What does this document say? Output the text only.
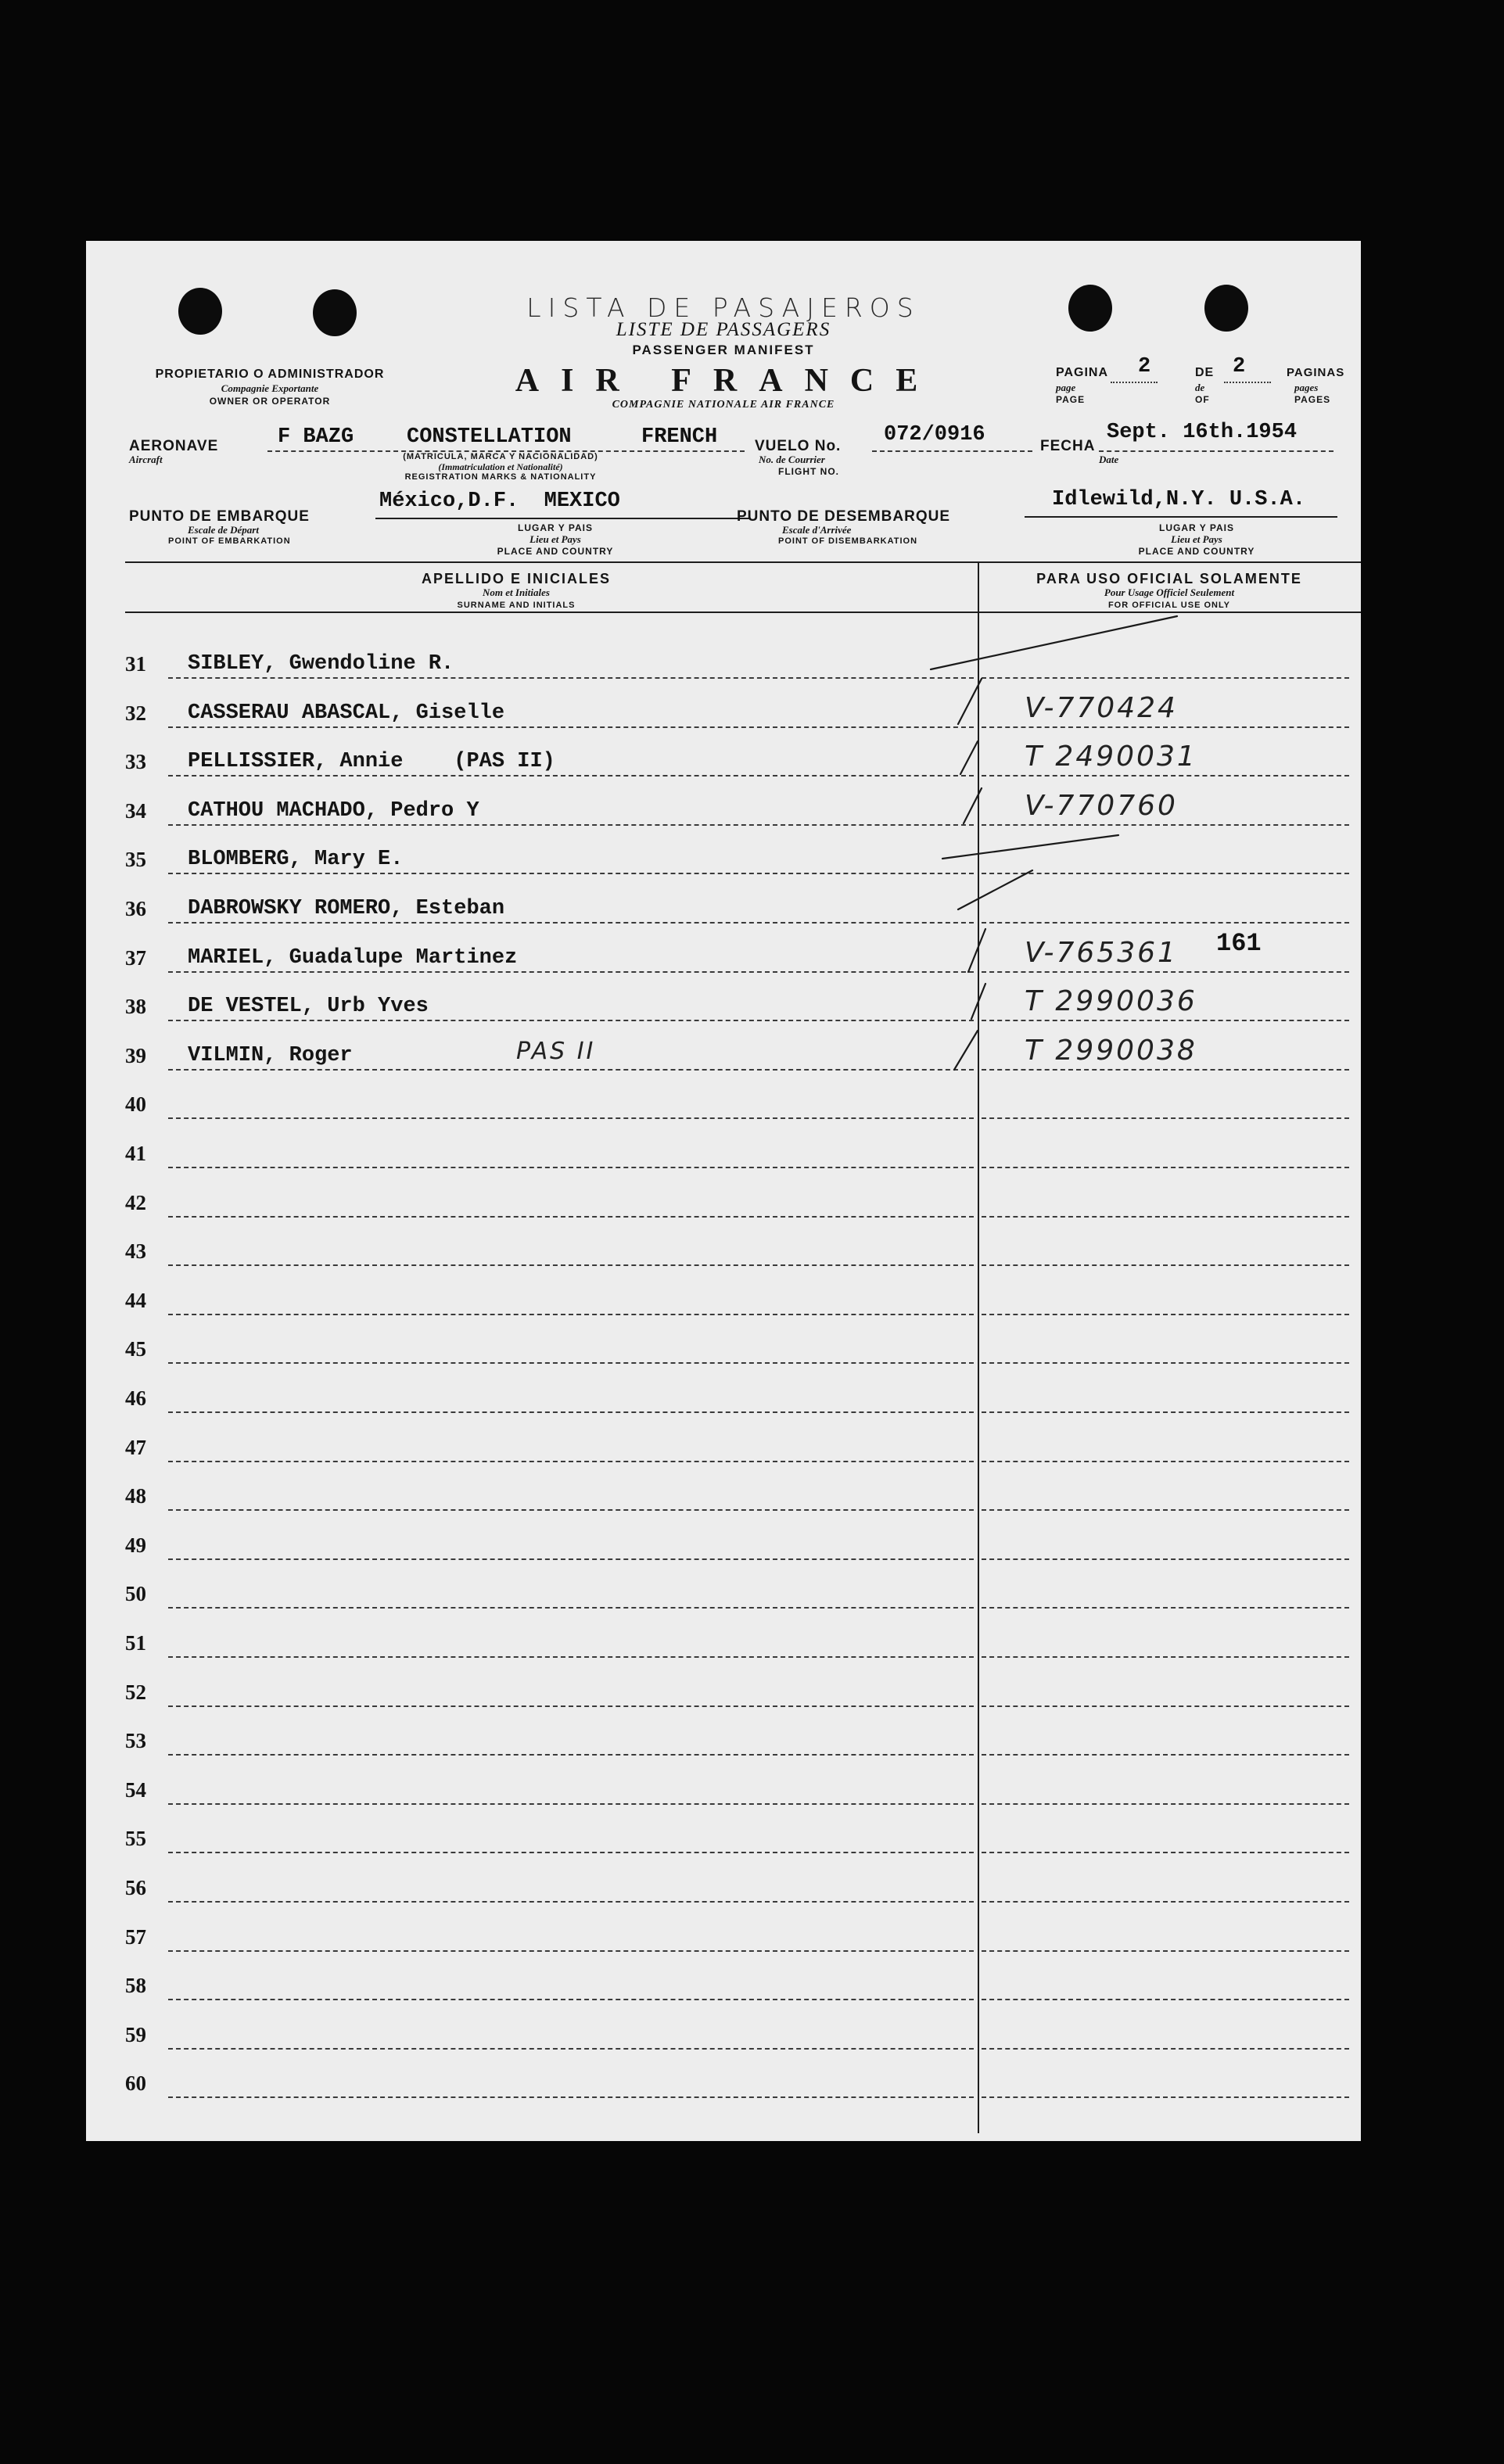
LISTA DE PASAJEROS
LISTE DE PASSAGERS
PASSENGER MANIFEST
AIR FRANCE
COMPAGNIE NATIONALE AIR FRANCE
PROPIETARIO O ADMINISTRADOR
Compagnie Exportante
OWNER OR OPERATOR
PAGINA
page
PAGE
2	DE
de
OF
2	PAGINAS
pages
PAGES
AERONAVE
Aircraft
F BAZG	CONSTELLATION	FRENCH
(MATRICULA, MARCA Y NACIONALIDAD)
(Immatriculation et Nationalité)
REGISTRATION MARKS & NATIONALITY
VUELO No.
No. de Courrier
FLIGHT NO.
072/0916	FECHA
Date
Sept. 16th.1954
PUNTO DE EMBARQUE
Escale de Départ
POINT OF EMBARKATION
México,D.F.  MEXICO
LUGAR Y PAIS
Lieu et Pays
PLACE AND COUNTRY
PUNTO DE DESEMBARQUE
Escale d'Arrivée
POINT OF DISEMBARKATION
Idlewild,N.Y. U.S.A.
LUGAR Y PAIS
Lieu et Pays
PLACE AND COUNTRY
APELLIDO E INICIALES
Nom et Initiales
SURNAME AND INITIALS
PARA USO OFICIAL SOLAMENTE
Pour Usage Officiel Seulement
FOR OFFICIAL USE ONLY
31	SIBLEY, Gwendoline R.
32	CASSERAU ABASCAL, Giselle	V-770424
33	PELLISSIER, Annie    (PAS II)	T 2490031
34	CATHOU MACHADO, Pedro Y	V-770760
35	BLOMBERG, Mary E.
36	DABROWSKY ROMERO, Esteban
37	MARIEL, Guadalupe Martinez	V-765361
38	DE VESTEL, Urb Yves	T 2990036
39	VILMIN, Roger	PAS II	T 2990038
40
41
42
43
44
45
46
47
48
49
50
51
52
53
54
55
56
57
58
59
60
161
